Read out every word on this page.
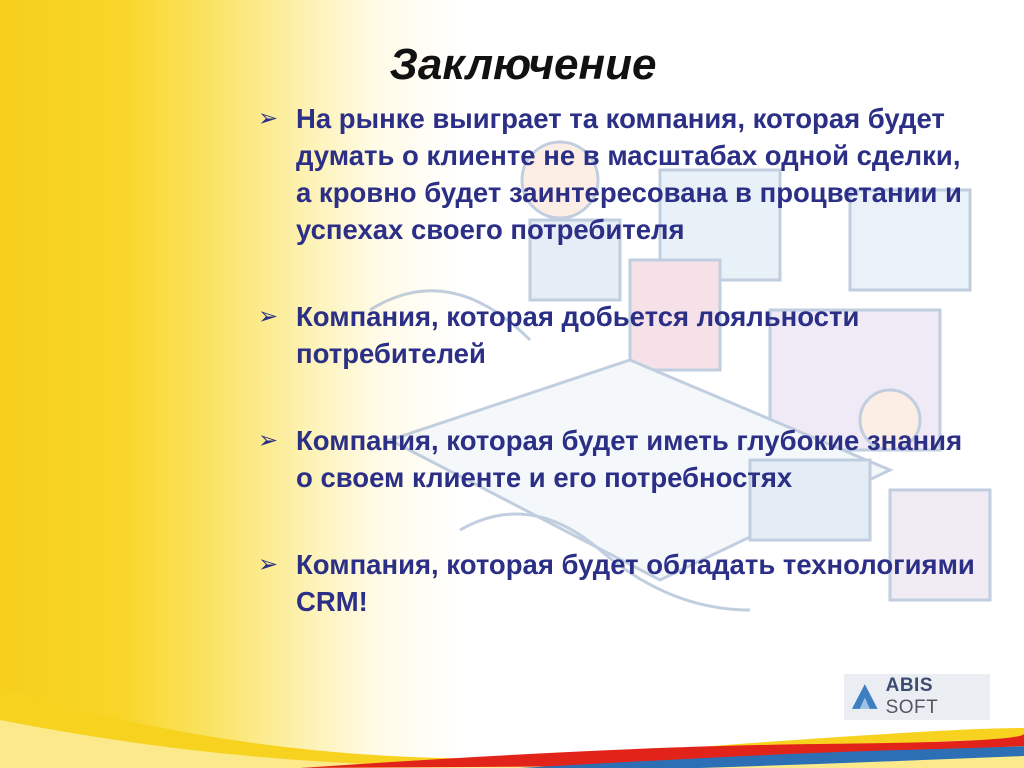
Заключение
➢ На рынке выиграет та компания, которая будет думать о клиенте не в масштабах одной сделки, а кровно будет заинтересована в процветании и успехах своего потребителя
➢ Компания, которая добьется лояльности потребителей
➢ Компания, которая будет иметь глубокие знания о своем клиенте и его потребностях
➢ Компания, которая будет обладать технологиями CRM!
ABIS SOFT
